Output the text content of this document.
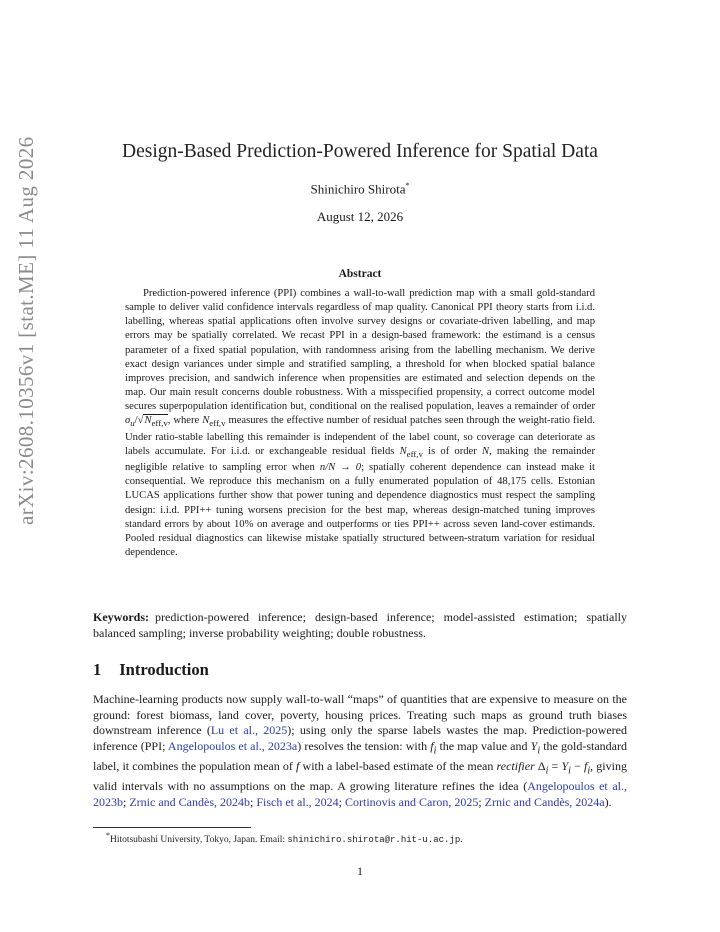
arXiv:2608.10356v1 [stat.ME] 11 Aug 2026	Design-Based Prediction-Powered Inference for Spatial Data
Shinichiro Shirota*
August 12, 2026
Abstract
Prediction-powered inference (PPI) combines a wall-to-wall prediction map with a small gold-standard sample to deliver valid confidence intervals regardless of map quality. Canonical PPI theory starts from i.i.d. labelling, whereas spatial applications often involve survey designs or covariate-driven labelling, and map errors may be spatially correlated. We recast PPI in a design-based framework: the estimand is a census parameter of a fixed spatial population, with randomness arising from the labelling mechanism. We derive exact design variances under simple and stratified sampling, a threshold for when blocked spatial balance improves precision, and sandwich inference when propensities are estimated and selection depends on the map. Our main result concerns double robustness. With a misspecified propensity, a correct outcome model secures superpopulation identification but, conditional on the realised population, leaves a remainder of order $\sigma_u/√N_{eff,v}$, where $N_{eff,v}$ measures the effective number of residual patches seen through the weight-ratio field. Under ratio-stable labelling this remainder is independent of the label count, so coverage can deteriorate as labels accumulate. For i.i.d. or exchangeable residual fields $N_{eff,v}$ is of order N, making the remainder negligible relative to sampling error when n/N → 0; spatially coherent dependence can instead make it consequential. We reproduce this mechanism on a fully enumerated population of 48,175 cells. Estonian LUCAS applications further show that power tuning and dependence diagnostics must respect the sampling design: i.i.d. PPI++ tuning worsens precision for the best map, whereas design-matched tuning improves standard errors by about 10% on average and outperforms or ties PPI++ across seven land-cover estimands. Pooled residual diagnostics can likewise mistake spatially structured between-stratum variation for residual dependence.
Keywords: prediction-powered inference; design-based inference; model-assisted estimation; spatially balanced sampling; inverse probability weighting; double robustness.
1 Introduction
Machine-learning products now supply wall-to-wall “maps” of quantities that are expensive to measure on the ground: forest biomass, land cover, poverty, housing prices. Treating such maps as ground truth biases downstream inference (Lu et al., 2025); using only the sparse labels wastes the map. Prediction-powered inference (PPI; Angelopoulos et al., 2023a) resolves the tension: with $f_i$ the map value and $Y_i$ the gold-standard label, it combines the population mean of f with a label-based estimate of the mean rectifier $\Delta_i = Y_i - f_i$, giving valid intervals with no assumptions on the map. A growing literature refines the idea (Angelopoulos et al., 2023b; Zrnic and Candès, 2024b; Fisch et al., 2024; Cortinovis and Caron, 2025; Zrnic and Candès, 2024a).
*Hitotsubashi University, Tokyo, Japan. Email: shinichiro.shirota@r.hit-u.ac.jp.
1
